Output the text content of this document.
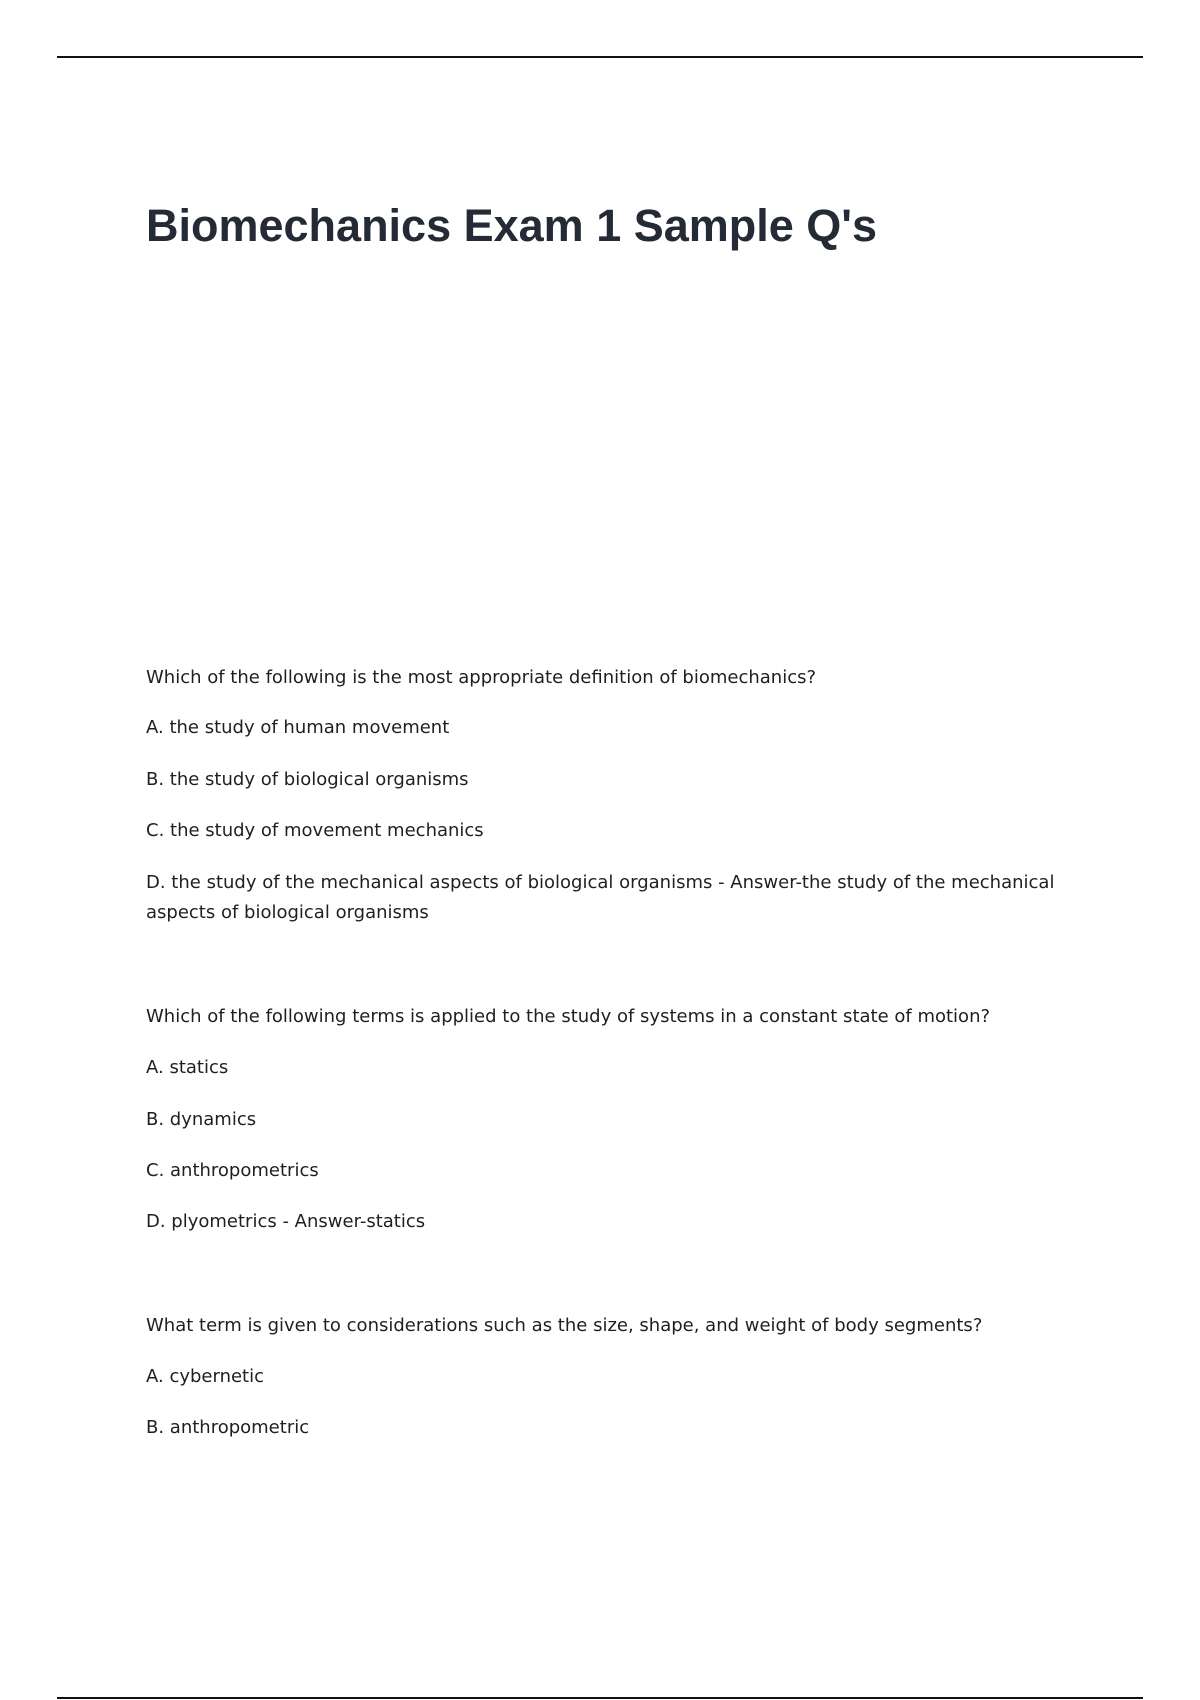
Biomechanics Exam 1 Sample Q's

Which of the following is the most appropriate definition of biomechanics?

A. the study of human movement

B. the study of biological organisms

C. the study of movement mechanics

D. the study of the mechanical aspects of biological organisms - Answer-the study of the mechanical aspects of biological organisms

Which of the following terms is applied to the study of systems in a constant state of motion?

A. statics

B. dynamics

C. anthropometrics

D. plyometrics - Answer-statics

What term is given to considerations such as the size, shape, and weight of body segments?

A. cybernetic

B. anthropometric
